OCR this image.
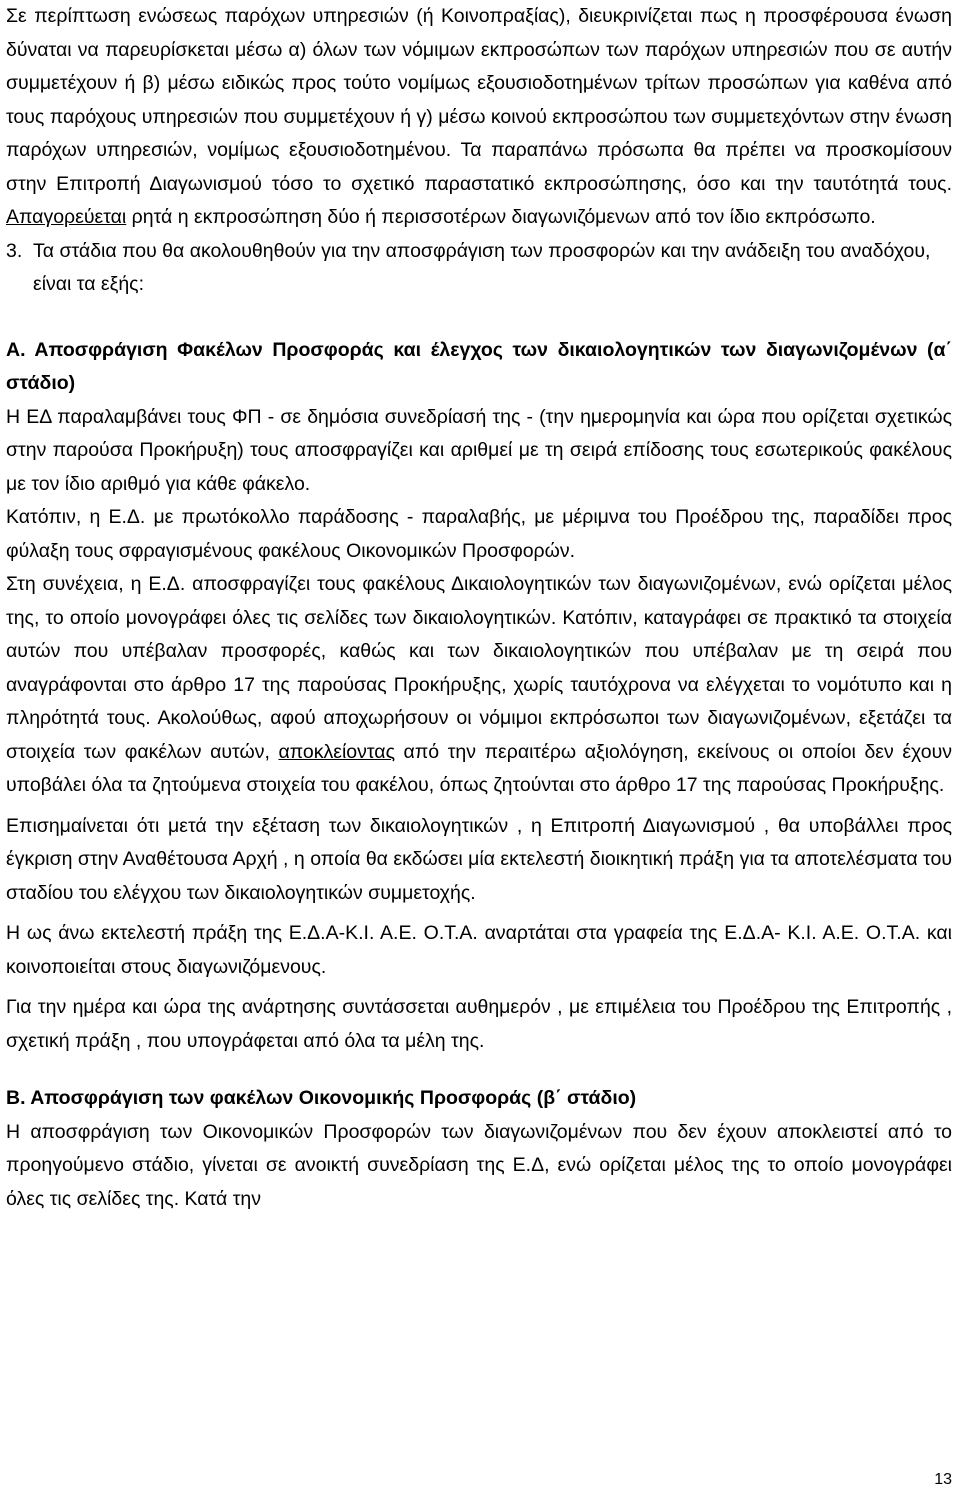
Σε περίπτωση ενώσεως παρόχων υπηρεσιών (ή Κοινοπραξίας), διευκρινίζεται πως η προσφέρουσα ένωση δύναται να παρευρίσκεται μέσω α) όλων των νόμιμων εκπροσώπων των παρόχων υπηρεσιών που σε αυτήν συμμετέχουν ή β) μέσω ειδικώς προς τούτο νομίμως εξουσιοδοτημένων τρίτων προσώπων για καθένα από τους παρόχους υπηρεσιών που συμμετέχουν ή γ) μέσω κοινού εκπροσώπου των συμμετεχόντων στην ένωση παρόχων υπηρεσιών, νομίμως εξουσιοδοτημένου. Τα παραπάνω πρόσωπα θα πρέπει να προσκομίσουν στην Επιτροπή Διαγωνισμού τόσο το σχετικό παραστατικό εκπροσώπησης, όσο και την ταυτότητά τους. Απαγορεύεται ρητά η εκπροσώπηση δύο ή περισσοτέρων διαγωνιζόμενων από τον ίδιο εκπρόσωπο.

3. Τα στάδια που θα ακολουθηθούν για την αποσφράγιση των προσφορών και την ανάδειξη του αναδόχου, είναι τα εξής:

Α. Αποσφράγιση Φακέλων Προσφοράς και έλεγχος των δικαιολογητικών των διαγωνιζομένων (α΄ στάδιο)

Η ΕΔ παραλαμβάνει τους ΦΠ - σε δημόσια συνεδρίασή της - (την ημερομηνία και ώρα που ορίζεται σχετικώς στην παρούσα Προκήρυξη) τους αποσφραγίζει και αριθμεί με τη σειρά επίδοσης τους εσωτερικούς φακέλους με τον ίδιο αριθμό για κάθε φάκελο.

Κατόπιν, η Ε.Δ. με πρωτόκολλο παράδοσης - παραλαβής, με μέριμνα του Προέδρου της, παραδίδει προς φύλαξη τους σφραγισμένους φακέλους Οικονομικών Προσφορών.

Στη συνέχεια, η Ε.Δ. αποσφραγίζει τους φακέλους Δικαιολογητικών των διαγωνιζομένων, ενώ ορίζεται μέλος της, το οποίο μονογράφει όλες τις σελίδες των δικαιολογητικών. Κατόπιν, καταγράφει σε πρακτικό τα στοιχεία αυτών που υπέβαλαν προσφορές, καθώς και των δικαιολογητικών που υπέβαλαν με τη σειρά που αναγράφονται στο άρθρο 17 της παρούσας Προκήρυξης, χωρίς ταυτόχρονα να ελέγχεται το νομότυπο και η πληρότητά τους. Ακολούθως, αφού αποχωρήσουν οι νόμιμοι εκπρόσωποι των διαγωνιζομένων, εξετάζει τα στοιχεία των φακέλων αυτών, αποκλείοντας από την περαιτέρω αξιολόγηση, εκείνους οι οποίοι δεν έχουν υποβάλει όλα τα ζητούμενα στοιχεία του φακέλου, όπως ζητούνται στο άρθρο 17 της παρούσας Προκήρυξης.

Επισημαίνεται ότι μετά την εξέταση των δικαιολογητικών , η Επιτροπή Διαγωνισμού , θα υποβάλλει προς έγκριση στην Αναθέτουσα Αρχή , η οποία θα εκδώσει μία εκτελεστή διοικητική πράξη για τα αποτελέσματα του σταδίου του ελέγχου των δικαιολογητικών συμμετοχής.

Η ως άνω εκτελεστή πράξη της Ε.Δ.Α-Κ.Ι. Α.Ε. Ο.Τ.Α. αναρτάται στα γραφεία της Ε.Δ.Α- Κ.Ι. Α.Ε. Ο.Τ.Α. και κοινοποιείται στους διαγωνιζόμενους.

Για την ημέρα και ώρα της ανάρτησης συντάσσεται αυθημερόν , με επιμέλεια του Προέδρου της Επιτροπής , σχετική πράξη , που υπογράφεται από όλα τα μέλη της.

Β. Αποσφράγιση των φακέλων Οικονομικής Προσφοράς (β΄ στάδιο)

Η αποσφράγιση των Οικονομικών Προσφορών των διαγωνιζομένων που δεν έχουν αποκλειστεί από το προηγούμενο στάδιο, γίνεται σε ανοικτή συνεδρίαση της Ε.Δ, ενώ ορίζεται μέλος της το οποίο μονογράφει όλες τις σελίδες της. Κατά την

13
